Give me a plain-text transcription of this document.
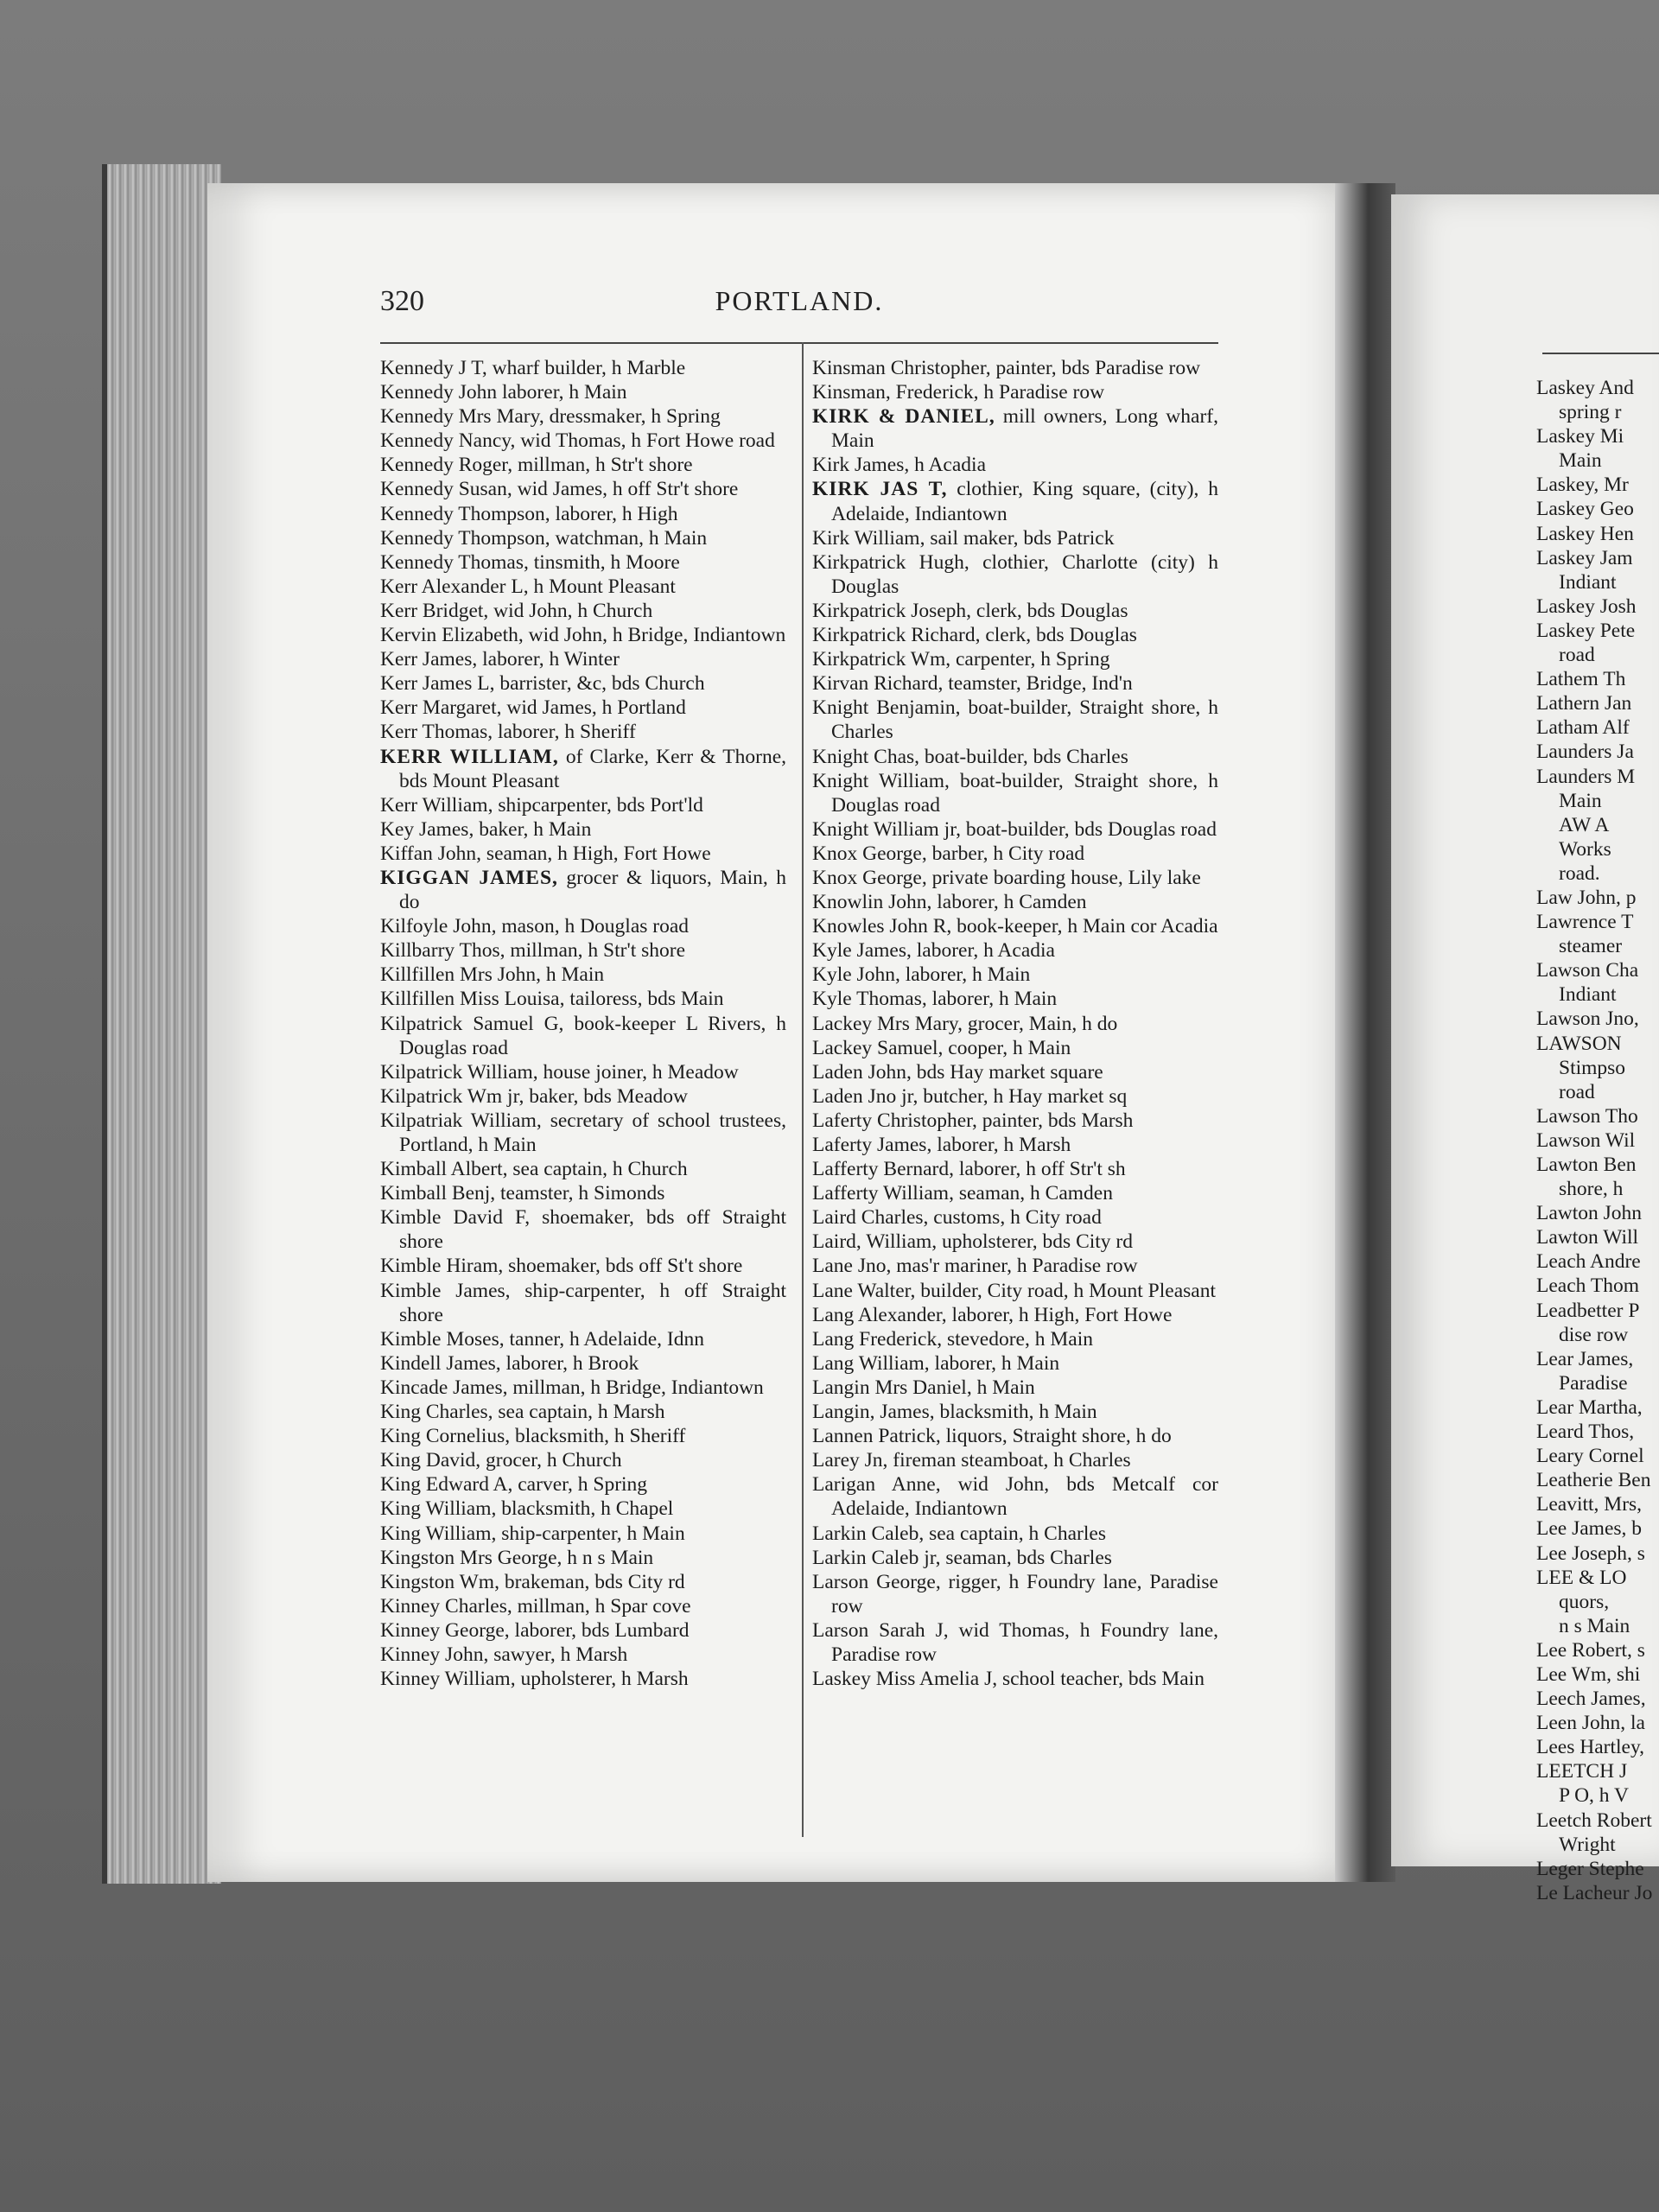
PORTLAND.
320

Kennedy J T, wharf builder, h Marble

Kennedy John laborer, h Main

Kennedy Mrs Mary, dressmaker, h Spring

Kennedy Nancy, wid Thomas, h Fort Howe road

Kennedy Roger, millman, h Str't shore

Kennedy Susan, wid James, h off Str't shore

Kennedy Thompson, laborer, h High

Kennedy Thompson, watchman, h Main

Kennedy Thomas, tinsmith, h Moore

Kerr Alexander L, h Mount Pleasant

Kerr Bridget, wid John, h Church

Kervin Elizabeth, wid John, h Bridge, Indiantown

Kerr James, laborer, h Winter

Kerr James L, barrister, &c, bds Church

Kerr Margaret, wid James, h Portland

Kerr Thomas, laborer, h Sheriff

KERR WILLIAM, of Clarke, Kerr & Thorne, bds Mount Pleasant

Kerr William, shipcarpenter, bds Port'ld

Key James, baker, h Main

Kiffan John, seaman, h High, Fort Howe

KIGGAN JAMES, grocer & liquors, Main, h do

Kilfoyle John, mason, h Douglas road

Killbarry Thos, millman, h Str't shore

Killfillen Mrs John, h Main

Killfillen Miss Louisa, tailoress, bds Main

Kilpatrick Samuel G, book-keeper L Rivers, h Douglas road

Kilpatrick William, house joiner, h Meadow

Kilpatrick Wm jr, baker, bds Meadow

Kilpatriak William, secretary of school trustees, Portland, h Main

Kimball Albert, sea captain, h Church

Kimball Benj, teamster, h Simonds

Kimble David F, shoemaker, bds off Straight shore

Kimble Hiram, shoemaker, bds off St't shore

Kimble James, ship-carpenter, h off Straight shore

Kimble Moses, tanner, h Adelaide, Idnn

Kindell James, laborer, h Brook

Kincade James, millman, h Bridge, Indiantown

King Charles, sea captain, h Marsh

King Cornelius, blacksmith, h Sheriff

King David, grocer, h Church

King Edward A, carver, h Spring

King William, blacksmith, h Chapel

King William, ship-carpenter, h Main

Kingston Mrs George, h n s Main

Kingston Wm, brakeman, bds City rd

Kinney Charles, millman, h Spar cove

Kinney George, laborer, bds Lumbard

Kinney John, sawyer, h Marsh

Kinney William, upholsterer, h Marsh

Kinsman Christopher, painter, bds Paradise row

Kinsman, Frederick, h Paradise row

KIRK & DANIEL, mill owners, Long wharf, Main

Kirk James, h Acadia

KIRK JAS T, clothier, King square, (city), h Adelaide, Indiantown

Kirk William, sail maker, bds Patrick

Kirkpatrick Hugh, clothier, Charlotte (city) h Douglas

Kirkpatrick Joseph, clerk, bds Douglas

Kirkpatrick Richard, clerk, bds Douglas

Kirkpatrick Wm, carpenter, h Spring

Kirvan Richard, teamster, Bridge, Ind'n

Knight Benjamin, boat-builder, Straight shore, h Charles

Knight Chas, boat-builder, bds Charles

Knight William, boat-builder, Straight shore, h Douglas road

Knight William jr, boat-builder, bds Douglas road

Knox George, barber, h City road

Knox George, private boarding house, Lily lake

Knowlin John, laborer, h Camden

Knowles John R, book-keeper, h Main cor Acadia

Kyle James, laborer, h Acadia

Kyle John, laborer, h Main

Kyle Thomas, laborer, h Main

Lackey Mrs Mary, grocer, Main, h do

Lackey Samuel, cooper, h Main

Laden John, bds Hay market square

Laden Jno jr, butcher, h Hay market sq

Laferty Christopher, painter, bds Marsh

Laferty James, laborer, h Marsh

Lafferty Bernard, laborer, h off Str't sh

Lafferty William, seaman, h Camden

Laird Charles, customs, h City road

Laird, William, upholsterer, bds City rd

Lane Jno, mas'r mariner, h Paradise row

Lane Walter, builder, City road, h Mount Pleasant

Lang Alexander, laborer, h High, Fort Howe

Lang Frederick, stevedore, h Main

Lang William, laborer, h Main

Langin Mrs Daniel, h Main

Langin, James, blacksmith, h Main

Lannen Patrick, liquors, Straight shore, h do

Larey Jn, fireman steamboat, h Charles

Larigan Anne, wid John, bds Metcalf cor Adelaide, Indiantown

Larkin Caleb, sea captain, h Charles

Larkin Caleb jr, seaman, bds Charles

Larson George, rigger, h Foundry lane, Paradise row

Larson Sarah J, wid Thomas, h Foundry lane, Paradise row

Laskey Miss Amelia J, school teacher, bds Main

Laskey And
spring r
Laskey Mi
Main
Laskey, Mr
Laskey Geo
Laskey Hen
Laskey Jam
Indiant
Laskey Josh
Laskey Pete
road
Lathem Th
Lathern Jan
Latham Alf
Launders Ja
Launders M
Main
AW A
Works
road.
Law John, p
Lawrence T
steamer
Lawson Cha
Indiant
Lawson Jno,
LAWSON
Stimpso
road
Lawson Tho
Lawson Wil
Lawton Ben
shore, h
Lawton John
Lawton Will
Leach Andre
Leach Thom
Leadbetter P
dise row
Lear James,
Paradise
Lear Martha,
Leard Thos,
Leary Cornel
Leatherie Ben
Leavitt, Mrs,
Lee James, b
Lee Joseph, s
LEE & LO
quors,
n s Main
Lee Robert, s
Lee Wm, shi
Leech James,
Leen John, la
Lees Hartley,
LEETCH J
P O, h V
Leetch Robert
Wright
Leger Stephe
Le Lacheur Jo
